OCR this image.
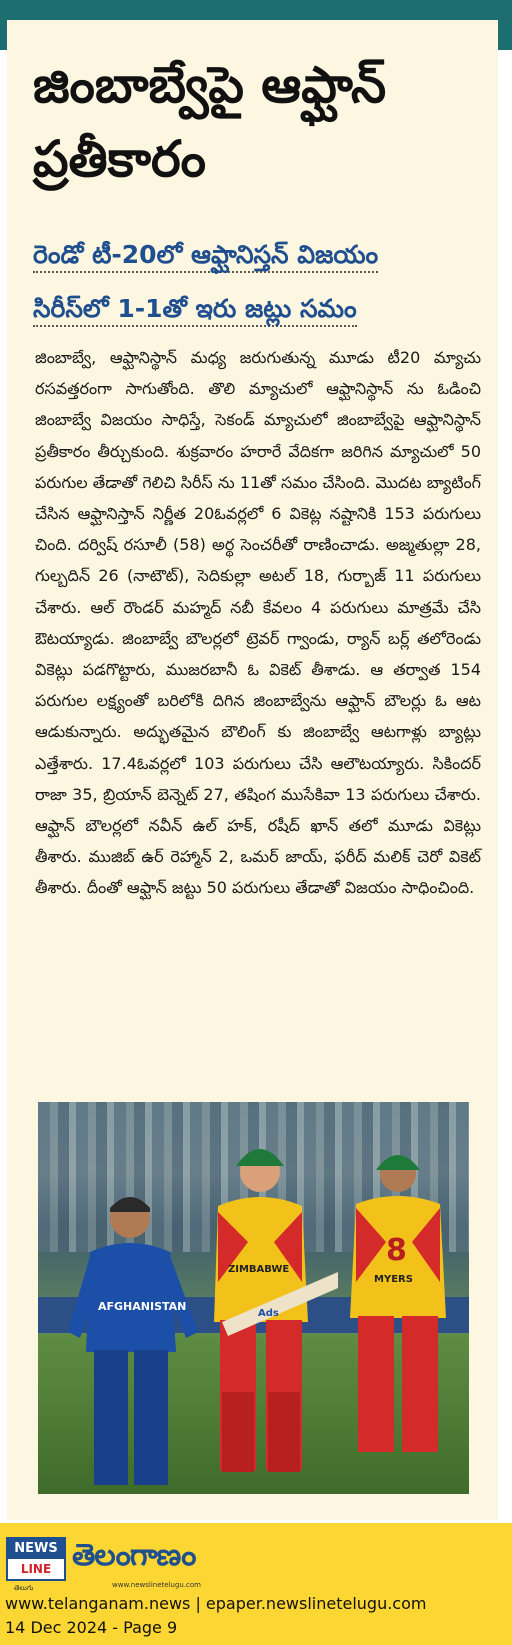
జింబాబ్వేపై ఆఫ్ఘాన్ ప్రతీకారం
రెండో టీ-20లో ఆఫ్ఘానిస్తన్ విజయం
సిరీస్‌లో 1-1తో ఇరు జట్లు సమం

జింబాబ్వే, ఆఫ్ఘానిస్థాన్ మధ్య జరుగుతున్న మూడు టీ20 మ్యాచు రసవత్తరంగా సాగుతోంది. తొలి మ్యాచులో ఆఫ్ఘానిస్థాన్ ను ఓడించి జింబాబ్వే విజయం సాధిస్తే, సెకండ్ మ్యాచులో జింబాబ్వేపై ఆఫ్ఘానిస్థాన్ ప్రతీకారం తీర్చుకుంది. శుక్రవారం హరారే వేదికగా జరిగిన మ్యాచులో 50 పరుగుల తేడాతో గెలిచి సిరీస్ ను 11తో సమం చేసింది. మొదట బ్యాటింగ్ చేసిన ఆఫ్ఘానిస్తాన్ నిర్ణీత 20ఓవర్లలో 6 వికెట్ల నష్టానికి 153 పరుగులు చింది. దర్విష్ రసూలీ (58) అర్థ సెంచరీతో రాణించాడు. అజ్మతుల్లా 28, గుల్బదిన్ 26 (నాటౌట్), సెదికుల్లా అటల్ 18, గుర్బాజ్ 11 పరుగులు చేశారు. ఆల్ రౌండర్ మహ్మద్ నబీ కేవలం 4 పరుగులు మాత్రమే చేసి ఔటయ్యాడు. జింబాబ్వే బౌలర్లలో ట్రెవర్ గ్వాండు, ర్యాన్ బర్ల్ తలోరెండు వికెట్లు పడగొట్టారు, ముజరబానీ ఓ వికెట్ తీశాడు. ఆ తర్వాత 154 పరుగుల లక్ష్యంతో బరిలోకి దిగిన జింబాబ్వేను ఆఫ్ఘాన్ బౌలర్లు ఓ ఆట ఆడుకున్నారు. అద్భుతమైన బౌలింగ్ కు జింబాబ్వే ఆటగాళ్లు బ్యాట్లు ఎత్తేశారు. 17.4ఓవర్లలో 103 పరుగులు చేసి ఆలౌటయ్యారు. సికిందర్ రాజా 35, బ్రియాన్ బెన్నెట్ 27, తషింగ ముసేకివా 13 పరుగులు చేశారు. ఆఫ్ఘాన్ బౌలర్లలో నవీన్ ఉల్ హక్, రషీద్ ఖాన్ తలో మూడు వికెట్లు తీశారు. ముజిబ్ ఉర్ రెహ్మాన్ 2, ఒమర్ జాయ్, ఫరీద్ మలిక్ చెరో వికెట్ తీశారు. దీంతో ఆఫ్ఘాన్ జట్టు 50 పరుగులు తేడాతో విజయం సాధించింది.

AFGHANISTAN
ZIMBABWE
Ads
8
MYERS
NEWS
LINE
తెలుగు
తెలంగాణం
www.newslinetelugu.com

www.telanganam.news | epaper.newslinetelugu.com

14 Dec 2024 - Page 9
